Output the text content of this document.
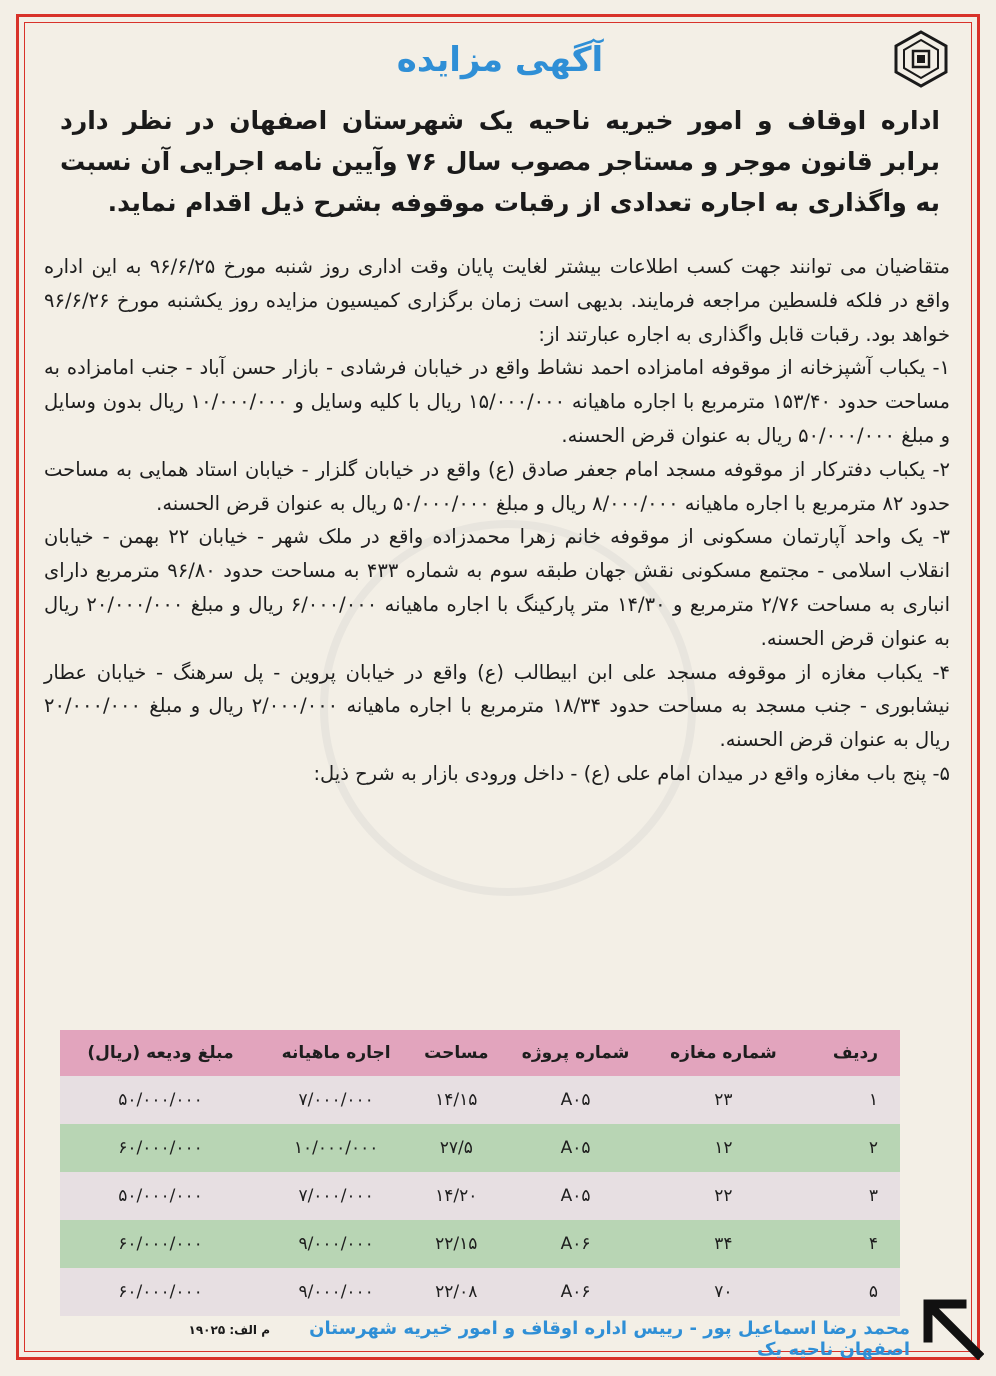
آگهی مزایده
اداره اوقاف و امور خیریه ناحیه یک شهرستان اصفهان در نظر دارد برابر قانون موجر و مستاجر مصوب سال ۷۶ وآیین نامه اجرایی آن نسبت به واگذاری به اجاره تعدادی از رقبات موقوفه بشرح ذیل اقدام نماید.

متقاضیان می توانند جهت کسب اطلاعات بیشتر لغایت پایان وقت اداری روز شنبه مورخ ۹۶/۶/۲۵ به این اداره واقع در فلکه فلسطین مراجعه فرمایند. بدیهی است زمان برگزاری کمیسیون مزایده روز یکشنبه مورخ ۹۶/۶/۲۶ خواهد بود. رقبات قابل واگذاری به اجاره عبارتند از:

۱- یکباب آشپزخانه از موقوفه امامزاده احمد نشاط واقع در خیابان فرشادی - بازار حسن آباد - جنب امامزاده به مساحت حدود ۱۵۳/۴۰ مترمربع با اجاره ماهیانه ۱۵/۰۰۰/۰۰۰ ریال با کلیه وسایل و ۱۰/۰۰۰/۰۰۰ ریال بدون وسایل و مبلغ ۵۰/۰۰۰/۰۰۰ ریال به عنوان قرض الحسنه.

۲- یکباب دفترکار از موقوفه مسجد امام جعفر صادق (ع) واقع در خیابان گلزار - خیابان استاد همایی به مساحت حدود ۸۲ مترمربع با اجاره ماهیانه ۸/۰۰۰/۰۰۰ ریال و مبلغ ۵۰/۰۰۰/۰۰۰ ریال به عنوان قرض الحسنه.

۳- یک واحد آپارتمان مسکونی از موقوفه خانم زهرا محمدزاده واقع در ملک شهر - خیابان ۲۲ بهمن - خیابان انقلاب اسلامی - مجتمع مسکونی نقش جهان طبقه سوم به شماره ۴۳۳ به مساحت حدود ۹۶/۸۰ مترمربع دارای انباری به مساحت ۲/۷۶ مترمربع و ۱۴/۳۰ متر پارکینگ با اجاره ماهیانه ۶/۰۰۰/۰۰۰ ریال و مبلغ ۲۰/۰۰۰/۰۰۰ ریال به عنوان قرض الحسنه.

۴- یکباب مغازه از موقوفه مسجد علی ابن ابیطالب (ع) واقع در خیابان پروین - پل سرهنگ - خیابان عطار نیشابوری - جنب مسجد به مساحت حدود ۱۸/۳۴ مترمربع با اجاره ماهیانه ۲/۰۰۰/۰۰۰ ریال و مبلغ ۲۰/۰۰۰/۰۰۰ ریال به عنوان قرض الحسنه.

۵- پنج باب مغازه واقع در میدان امام علی (ع) - داخل ورودی بازار به شرح ذیل:

ردیف	شماره مغازه	شماره پروژه	مساحت	اجاره ماهیانه	مبلغ ودیعه (ریال)
۱	۲۳	A۰۵	۱۴/۱۵	۷/۰۰۰/۰۰۰	۵۰/۰۰۰/۰۰۰
۲	۱۲	A۰۵	۲۷/۵	۱۰/۰۰۰/۰۰۰	۶۰/۰۰۰/۰۰۰
۳	۲۲	A۰۵	۱۴/۲۰	۷/۰۰۰/۰۰۰	۵۰/۰۰۰/۰۰۰
۴	۳۴	A۰۶	۲۲/۱۵	۹/۰۰۰/۰۰۰	۶۰/۰۰۰/۰۰۰
۵	۷۰	A۰۶	۲۲/۰۸	۹/۰۰۰/۰۰۰	۶۰/۰۰۰/۰۰۰
محمد رضا اسماعیل پور - رییس اداره اوقاف و امور خیریه شهرستان اصفهان ناحیه یک
م الف: ۱۹۰۲۵
